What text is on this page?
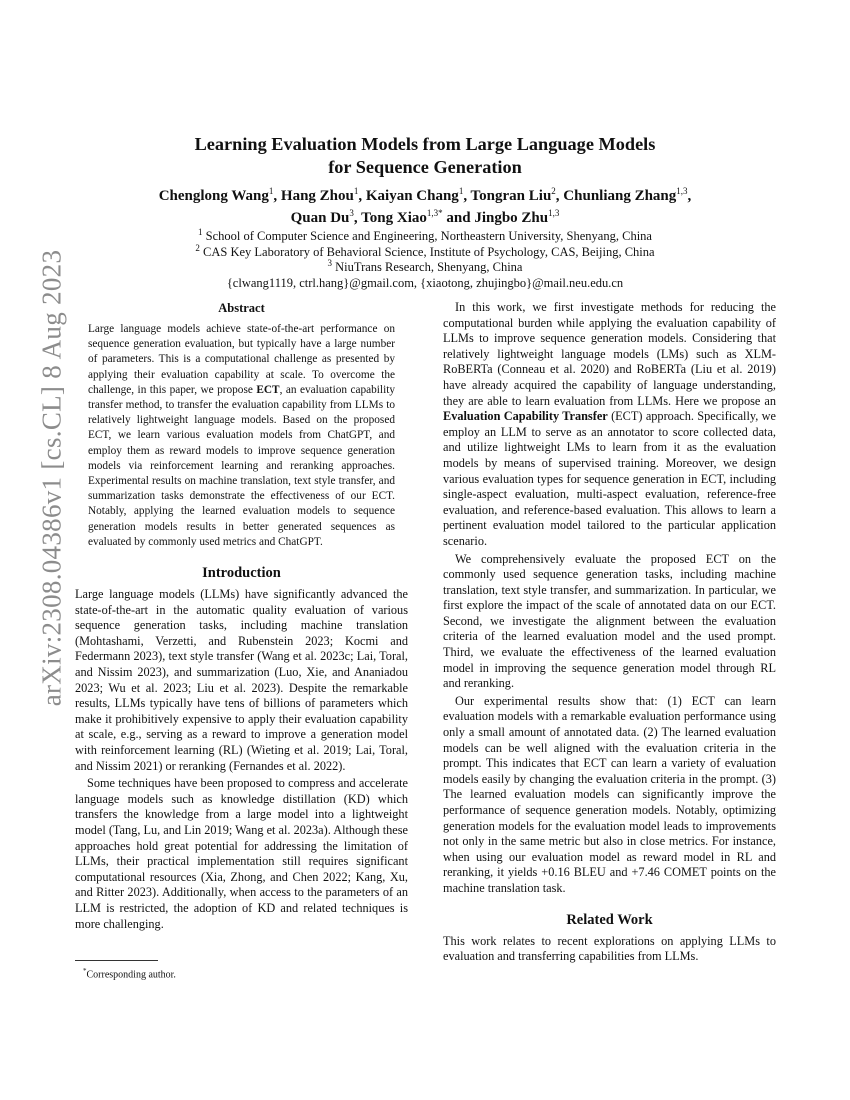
arXiv:2308.04386v1 [cs.CL] 8 Aug 2023
Learning Evaluation Models from Large Language Models
for Sequence Generation
Chenglong Wang$^1$, Hang Zhou$^1$, Kaiyan Chang$^1$, Tongran Liu$^2$, Chunliang Zhang$^{1,3}$,
Quan Du$^3$, Tong Xiao$^{1,3*}$ and Jingbo Zhu$^{1,3}$
$^1$ School of Computer Science and Engineering, Northeastern University, Shenyang, China
$^2$ CAS Key Laboratory of Behavioral Science, Institute of Psychology, CAS, Beijing, China
$^3$ NiuTrans Research, Shenyang, China
{clwang1119, ctrl.hang}@gmail.com, {xiaotong, zhujingbo}@mail.neu.edu.cn
Abstract

Large language models achieve state-of-the-art performance on sequence generation evaluation, but typically have a large number of parameters. This is a computational challenge as presented by applying their evaluation capability at scale. To overcome the challenge, in this paper, we propose ECT, an evaluation capability transfer method, to transfer the evaluation capability from LLMs to relatively lightweight language models. Based on the proposed ECT, we learn various evaluation models from ChatGPT, and employ them as reward models to improve sequence generation models via reinforcement learning and reranking approaches. Experimental results on machine translation, text style transfer, and summarization tasks demonstrate the effectiveness of our ECT. Notably, applying the learned evaluation models to sequence generation models results in better generated sequences as evaluated by commonly used metrics and ChatGPT.

Introduction

Large language models (LLMs) have significantly advanced the state-of-the-art in the automatic quality evaluation of various sequence generation tasks, including machine translation (Mohtashami, Verzetti, and Rubenstein 2023; Kocmi and Federmann 2023), text style transfer (Wang et al. 2023c; Lai, Toral, and Nissim 2023), and summarization (Luo, Xie, and Ananiadou 2023; Wu et al. 2023; Liu et al. 2023). Despite the remarkable results, LLMs typically have tens of billions of parameters which make it prohibitively expensive to apply their evaluation capability at scale, e.g., serving as a reward to improve a generation model with reinforcement learning (RL) (Wieting et al. 2019; Lai, Toral, and Nissim 2021) or reranking (Fernandes et al. 2022).

Some techniques have been proposed to compress and accelerate language models such as knowledge distillation (KD) which transfers the knowledge from a large model into a lightweight model (Tang, Lu, and Lin 2019; Wang et al. 2023a). Although these approaches hold great potential for addressing the limitation of LLMs, their practical implementation still requires significant computational resources (Xia, Zhong, and Chen 2022; Kang, Xu, and Ritter 2023). Additionally, when access to the parameters of an LLM is restricted, the adoption of KD and related techniques is more challenging.

*Corresponding author.

In this work, we first investigate methods for reducing the computational burden while applying the evaluation capability of LLMs to improve sequence generation models. Considering that relatively lightweight language models (LMs) such as XLM-RoBERTa (Conneau et al. 2020) and RoBERTa (Liu et al. 2019) have already acquired the capability of language understanding, they are able to learn evaluation from LLMs. Here we propose an Evaluation Capability Transfer (ECT) approach. Specifically, we employ an LLM to serve as an annotator to score collected data, and utilize lightweight LMs to learn from it as the evaluation models by means of supervised training. Moreover, we design various evaluation types for sequence generation in ECT, including single-aspect evaluation, multi-aspect evaluation, reference-free evaluation, and reference-based evaluation. This allows to learn a pertinent evaluation model tailored to the particular application scenario.

We comprehensively evaluate the proposed ECT on the commonly used sequence generation tasks, including machine translation, text style transfer, and summarization. In particular, we first explore the impact of the scale of annotated data on our ECT. Second, we investigate the alignment between the evaluation criteria of the learned evaluation model and the used prompt. Third, we evaluate the effectiveness of the learned evaluation model in improving the sequence generation model through RL and reranking.

Our experimental results show that: (1) ECT can learn evaluation models with a remarkable evaluation performance using only a small amount of annotated data. (2) The learned evaluation models can be well aligned with the evaluation criteria in the prompt. This indicates that ECT can learn a variety of evaluation models easily by changing the evaluation criteria in the prompt. (3) The learned evaluation models can significantly improve the performance of sequence generation models. Notably, optimizing generation models for the evaluation model leads to improvements not only in the same metric but also in close metrics. For instance, when using our evaluation model as reward model in RL and reranking, it yields +0.16 BLEU and +7.46 COMET points on the machine translation task.

Related Work

This work relates to recent explorations on applying LLMs to evaluation and transferring capabilities from LLMs.
